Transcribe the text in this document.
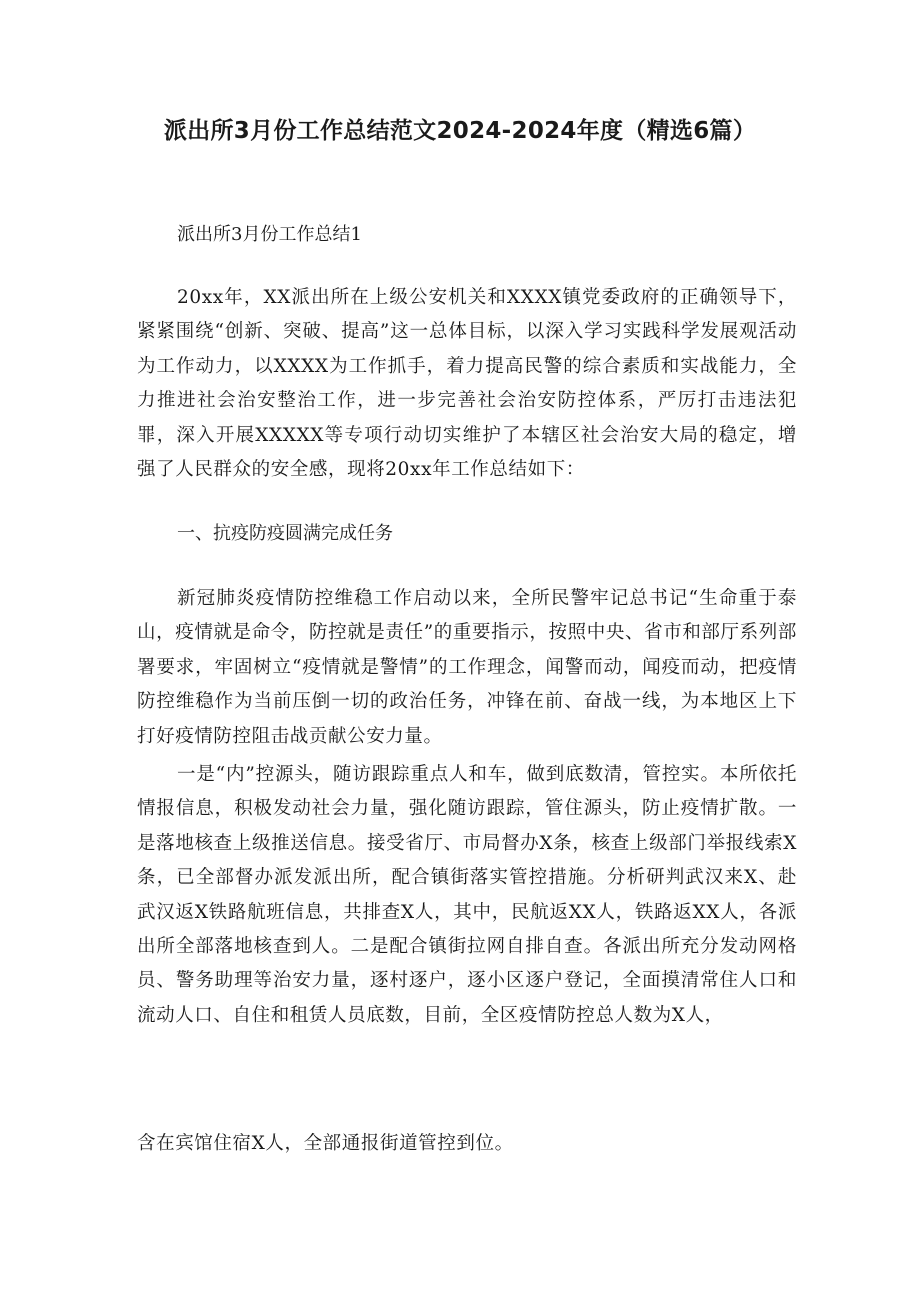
派出所3月份工作总结范文2024-2024年度（精选6篇）
派出所3月份工作总结1

20xx年，XX派出所在上级公安机关和XXXX镇党委政府的正确领导下，紧紧围绕“创新、突破、提高”这一总体目标，以深入学习实践科学发展观活动为工作动力，以XXXX为工作抓手，着力提高民警的综合素质和实战能力，全力推进社会治安整治工作，进一步完善社会治安防控体系，严厉打击违法犯罪，深入开展XXXXX等专项行动切实维护了本辖区社会治安大局的稳定，增强了人民群众的安全感，现将20xx年工作总结如下：

一、抗疫防疫圆满完成任务

新冠肺炎疫情防控维稳工作启动以来，全所民警牢记总书记“生命重于泰山，疫情就是命令，防控就是责任”的重要指示，按照中央、省市和部厅系列部署要求，牢固树立“疫情就是警情”的工作理念，闻警而动，闻疫而动，把疫情防控维稳作为当前压倒一切的政治任务，冲锋在前、奋战一线，为本地区上下打好疫情防控阻击战贡献公安力量。

一是“内”控源头，随访跟踪重点人和车，做到底数清，管控实。本所依托情报信息，积极发动社会力量，强化随访跟踪，管住源头，防止疫情扩散。一是落地核查上级推送信息。接受省厅、市局督办X条，核查上级部门举报线索X条，已全部督办派发派出所，配合镇街落实管控措施。分析研判武汉来X、赴武汉返X铁路航班信息，共排查X人，其中，民航返XX人，铁路返XX人，各派出所全部落地核查到人。二是配合镇街拉网自排自查。各派出所充分发动网格员、警务助理等治安力量，逐村逐户，逐小区逐户登记，全面摸清常住人口和流动人口、自住和租赁人员底数，目前，全区疫情防控总人数为X人，

含在宾馆住宿X人，全部通报街道管控到位。
